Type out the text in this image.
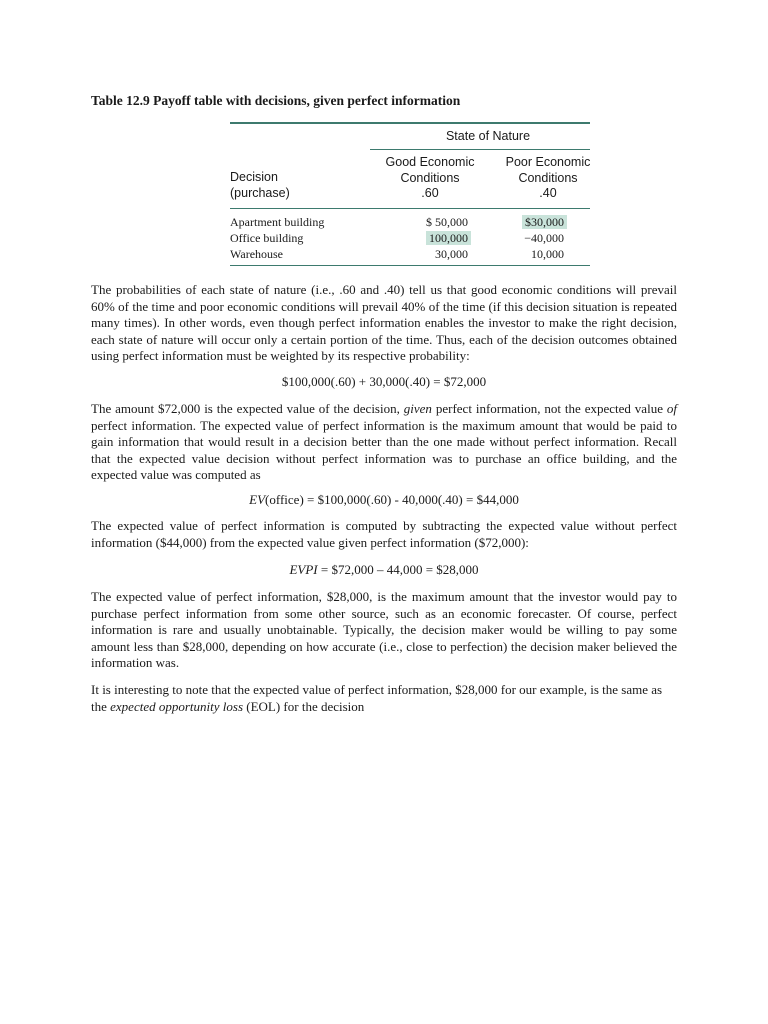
Table 12.9 Payoff table with decisions, given perfect information
State of Nature
Decision
(purchase)
Good Economic
Conditions
.60
Poor Economic
Conditions
.40
Apartment building	$ 50,000	$30,000
Office building	100,000	−40,000
Warehouse	30,000	10,000
The probabilities of each state of nature (i.e., .60 and .40) tell us that good economic conditions will prevail 60% of the time and poor economic conditions will prevail 40% of the time (if this decision situation is repeated many times). In other words, even though perfect information enables the investor to make the right decision, each state of nature will occur only a certain portion of the time. Thus, each of the decision outcomes obtained using perfect information must be weighted by its respective probability:
$100,000(.60) + 30,000(.40) = $72,000
The amount $72,000 is the expected value of the decision, given perfect information, not the expected value of perfect information. The expected value of perfect information is the maximum amount that would be paid to gain information that would result in a decision better than the one made without perfect information. Recall that the expected value decision without perfect information was to purchase an office building, and the expected value was computed as
EV(office) = $100,000(.60) - 40,000(.40) = $44,000
The expected value of perfect information is computed by subtracting the expected value without perfect information ($44,000) from the expected value given perfect information ($72,000):
EVPI = $72,000 – 44,000 = $28,000
The expected value of perfect information, $28,000, is the maximum amount that the investor would pay to purchase perfect information from some other source, such as an economic forecaster. Of course, perfect information is rare and usually unobtainable. Typically, the decision maker would be willing to pay some amount less than $28,000, depending on how accurate (i.e., close to perfection) the decision maker believed the information was.
It is interesting to note that the expected value of perfect information, $28,000 for our example, is the same as the expected opportunity loss (EOL) for the decision
